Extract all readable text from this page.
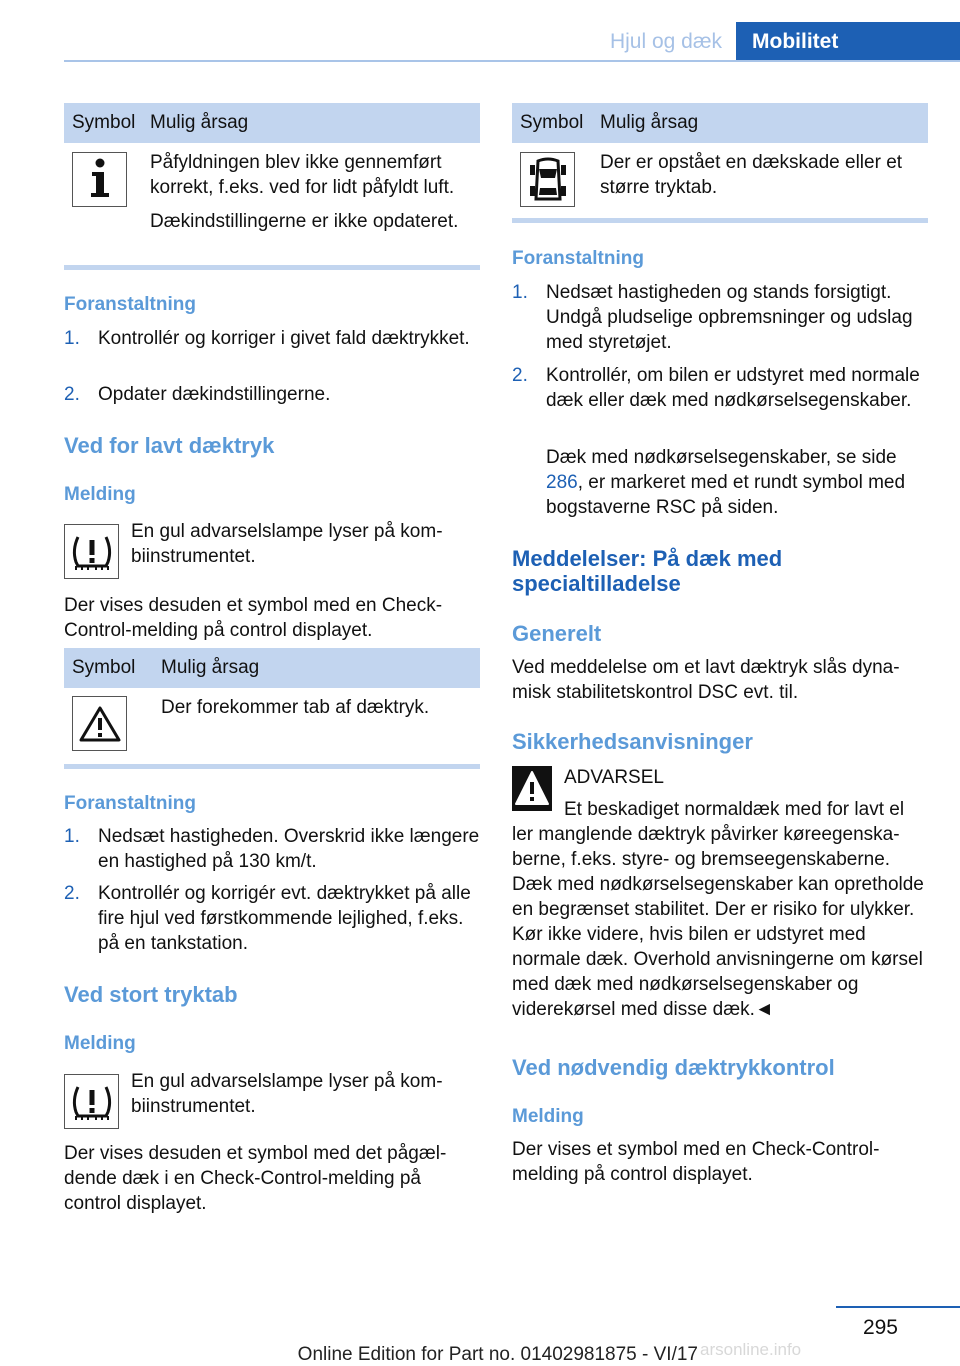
Hjul og dæk	Mobilitet
Symbol Mulig årsag

Påfyldningen blev ikke gennemført korrekt, f.eks. ved for lidt påfyldt luft.

Dækindstillingerne er ikke opdateret.

Foranstaltning
1. Kontrollér og korriger i givet fald dæktrykket.
2. Opdater dækindstillingerne.
Ved for lavt dæktryk
Melding
En gul advarselslampe lyser på kombiinstrumentet.
Der vises desuden et symbol med en Check-Control-melding på control displayet.
Symbol Mulig årsag
Der forekommer tab af dæktryk.
Foranstaltning
1. Nedsæt hastigheden. Overskrid ikke længere en hastighed på 130 km/t.
2. Kontrollér og korrigér evt. dæktrykket på alle fire hjul ved førstkommende lejlighed, f.eks. på en tankstation.
Ved stort tryktab
Melding
En gul advarselslampe lyser på kombiinstrumentet.
Der vises desuden et symbol med det pågældende dæk i en Check-Control-melding på control displayet.
Symbol Mulig årsag
Der er opstået en dækskade eller et større tryktab.
Foranstaltning
1. Nedsæt hastigheden og stands forsigtigt. Undgå pludselige opbremsninger og udslag med styretøjet.
2. Kontrollér, om bilen er udstyret med normale dæk eller dæk med nødkørselsegenskaber.
Dæk med nødkørselsegenskaber, se side 286, er markeret med et rundt symbol med bogstaverne RSC på siden.
Meddelelser: På dæk med specialtilladelse
Generelt
Ved meddelelse om et lavt dæktryk slås dynamisk stabilitetskontrol DSC evt. til.
Sikkerhedsanvisninger
ADVARSEL
Et beskadiget normaldæk med for lavt el
ler manglende dæktryk påvirker køreegenskaberne, f.eks. styre- og bremseegenskaberne. Dæk med nødkørselsegenskaber kan opretholde en begrænset stabilitet. Der er risiko for ulykker. Kør ikke videre, hvis bilen er udstyret med normale dæk. Overhold anvisningerne om kørsel med dæk med nødkørselsegenskaber og viderekørsel med disse dæk.◄
Ved nødvendig dæktrykkontrol
Melding
Der vises et symbol med en Check-Control-melding på control displayet.
295
Online Edition for Part no. 01402981875 - VI/17 arsonline.info
